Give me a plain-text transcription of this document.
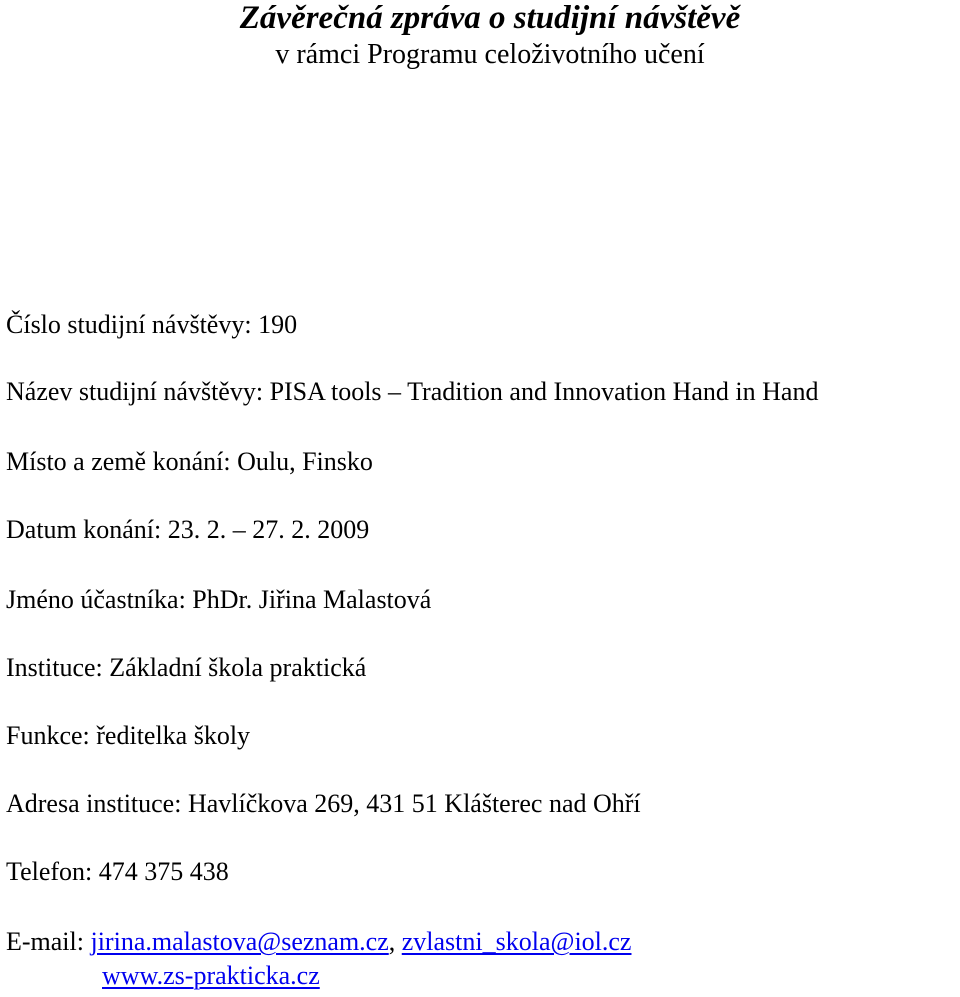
Závěrečná zpráva o studijní návštěvě
v rámci Programu celoživotního učení
Číslo studijní návštěvy: 190
Název studijní návštěvy: PISA tools – Tradition and Innovation Hand in Hand
Místo a země konání: Oulu, Finsko
Datum konání: 23. 2. – 27. 2. 2009
Jméno účastníka: PhDr. Jiřina Malastová
Instituce: Základní škola praktická
Funkce: ředitelka školy
Adresa instituce: Havlíčkova 269, 431 51 Klášterec nad Ohří
Telefon: 474 375 438
E-mail: jirina.malastova@seznam.cz, zvlastni_skola@iol.cz
www.zs-prakticka.cz
